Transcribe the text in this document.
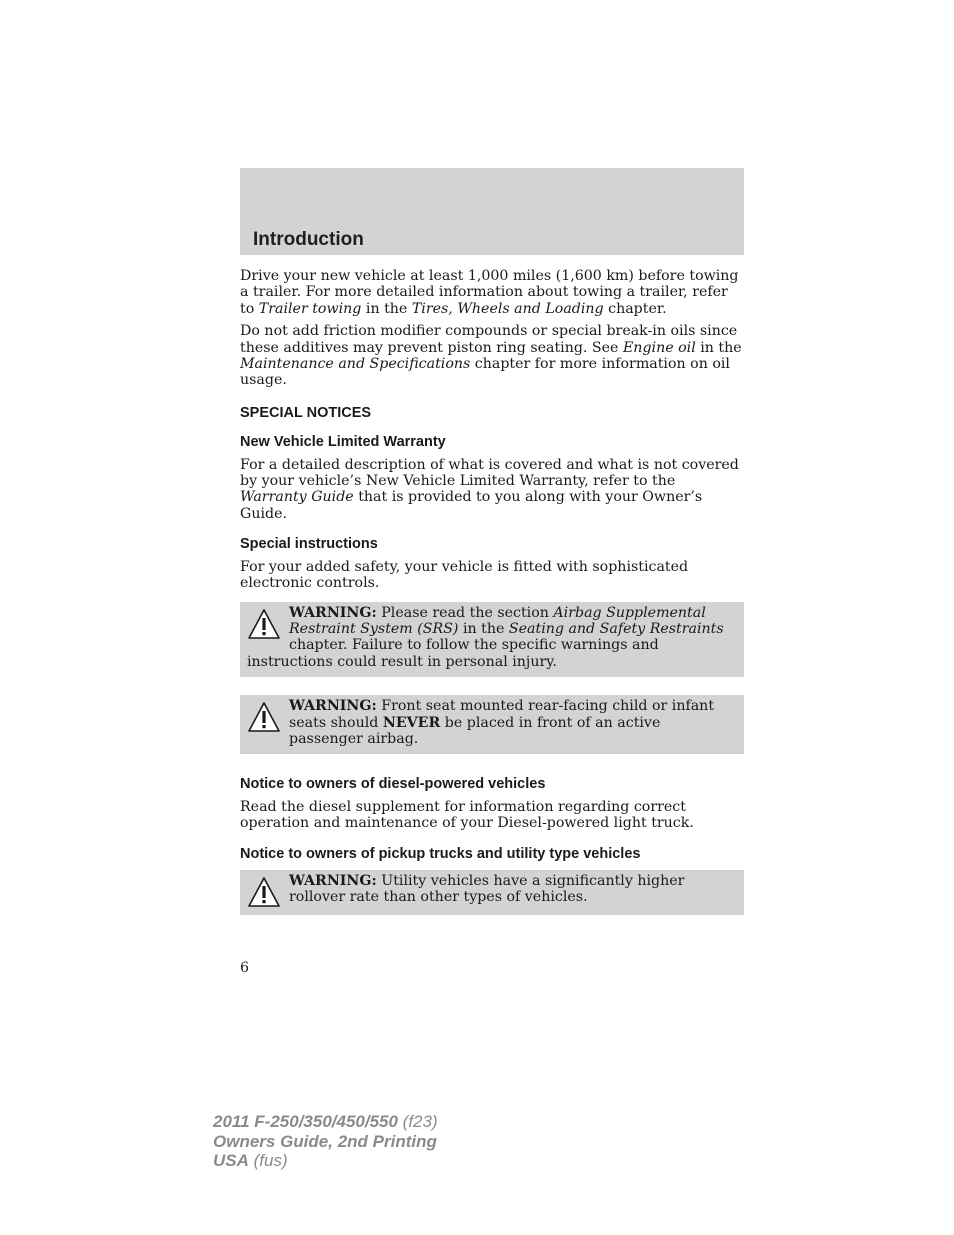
Introduction

Drive your new vehicle at least 1,000 miles (1,600 km) before towing a trailer. For more detailed information about towing a trailer, refer to Trailer towing in the Tires, Wheels and Loading chapter.

Do not add friction modifier compounds or special break-in oils since these additives may prevent piston ring seating. See Engine oil in the Maintenance and Specifications chapter for more information on oil usage.

SPECIAL NOTICES
New Vehicle Limited Warranty

For a detailed description of what is covered and what is not covered by your vehicle’s New Vehicle Limited Warranty, refer to the Warranty Guide that is provided to you along with your Owner’s Guide.

Special instructions

For your added safety, your vehicle is fitted with sophisticated electronic controls.

WARNING: Please read the section Airbag Supplemental Restraint System (SRS) in the Seating and Safety Restraints chapter. Failure to follow the specific warnings and instructions could result in personal injury.
WARNING: Front seat mounted rear-facing child or infant seats should NEVER be placed in front of an active passenger airbag.
Notice to owners of diesel-powered vehicles

Read the diesel supplement for information regarding correct operation and maintenance of your Diesel-powered light truck.

Notice to owners of pickup trucks and utility type vehicles
WARNING: Utility vehicles have a significantly higher rollover rate than other types of vehicles.
6
2011 F-250/350/450/550 (f23)
Owners Guide, 2nd Printing
USA (fus)
